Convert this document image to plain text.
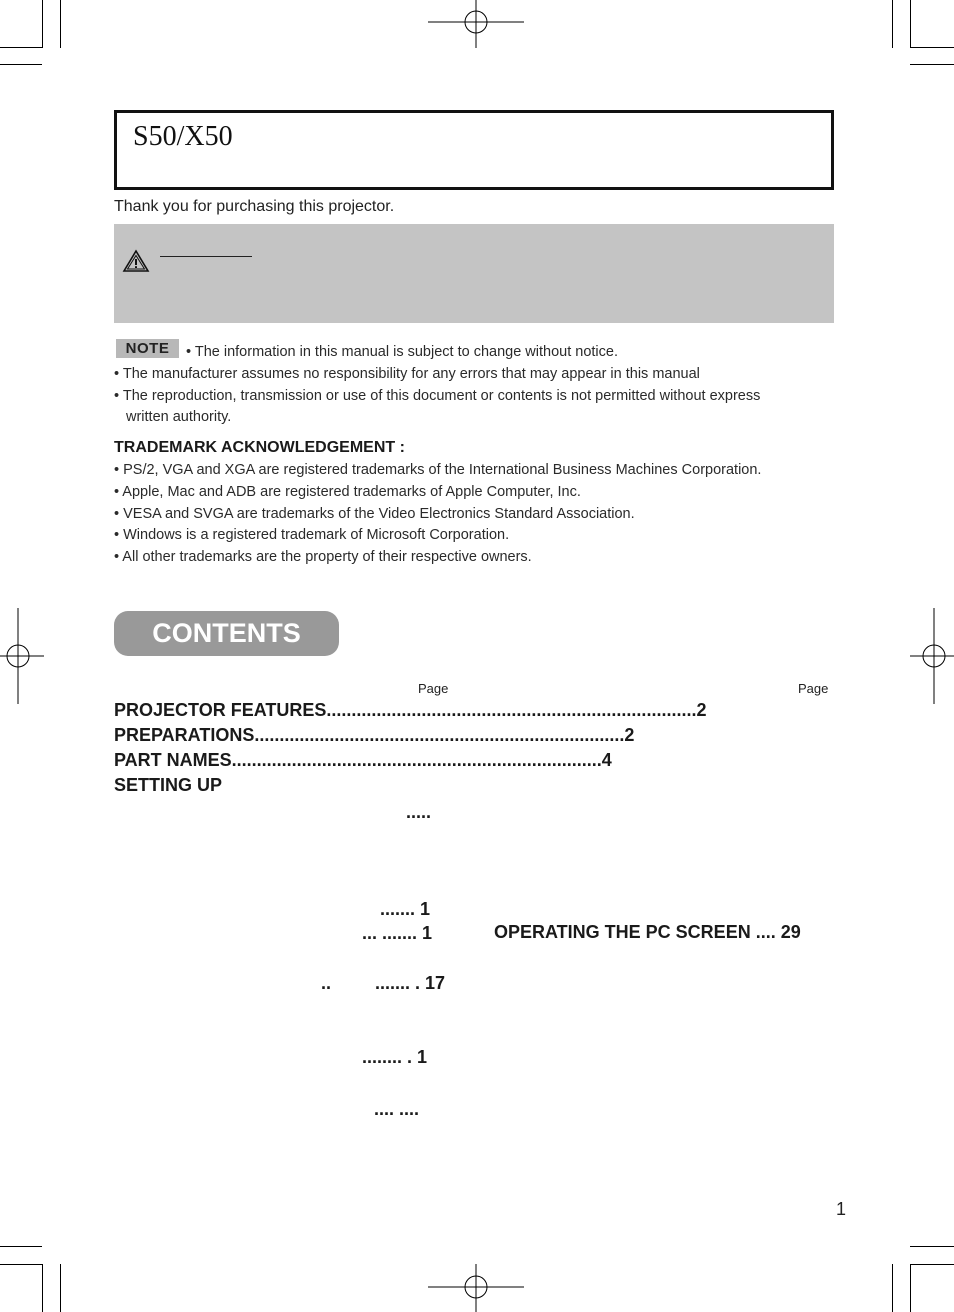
S50/X50
Thank you for purchasing this projector.
NOTE	• The information in this manual is subject to change without notice.
• The manufacturer assumes no responsibility for any errors that may appear in this manual
• The reproduction, transmission or use of this document or contents is not permitted without express
written authority.
TRADEMARK ACKNOWLEDGEMENT :
• PS/2, VGA and XGA are registered trademarks of the International Business Machines Corporation.
• Apple, Mac and ADB are registered trademarks of Apple Computer, Inc.
• VESA and SVGA are trademarks of the Video Electronics Standard Association.
• Windows is a registered trademark of Microsoft Corporation.
• All other trademarks are the property of their respective owners.
CONTENTS
Page	Page
PROJECTOR FEATURES .......................................................................... 2
PREPARATIONS .......................................................................... 2
PART NAMES .......................................................................... 4
SETTING UP
.....
....... 1
... ....... 1
.. ....... . 17
........ . 1
.... ....
OPERATING THE PC SCREEN .... 29
1
